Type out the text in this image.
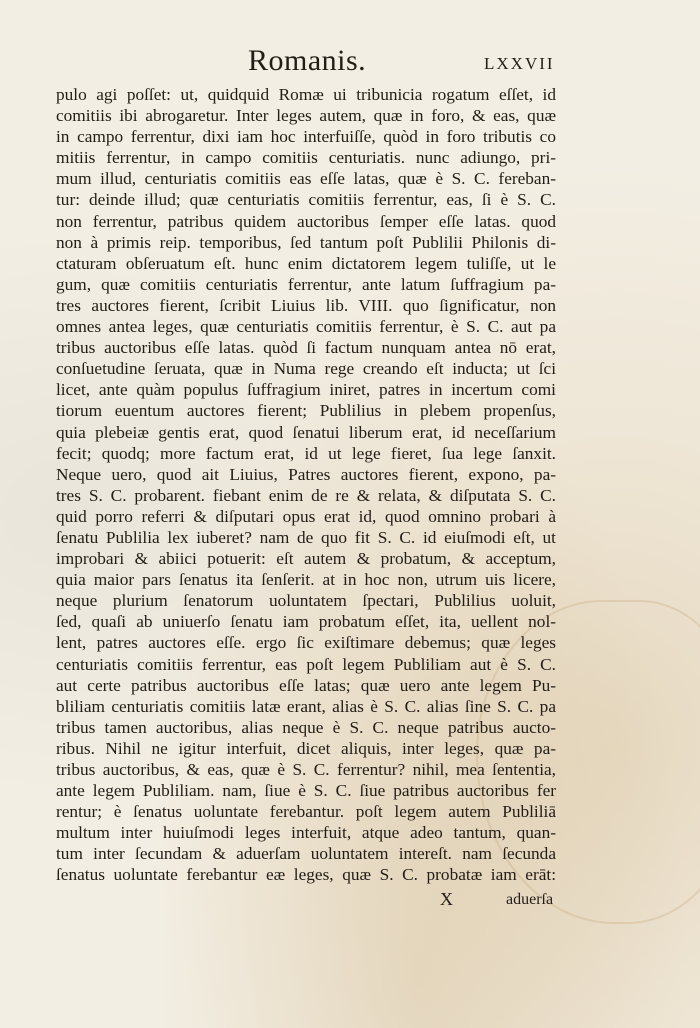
Romanis.	LXXVII
pulo agi poſſet: ut, quidquid Romæ ui tribunicia rogatum eſſet, id
comitiis ibi abrogaretur. Inter leges autem, quæ in foro, & eas, quæ
in campo ferrentur, dixi iam hoc interfuiſſe, quòd in foro tributis co
mitiis ferrentur, in campo comitiis centuriatis. nunc adiungo, pri-
mum illud, centuriatis comitiis eas eſſe latas, quæ è S. C. fereban-
tur: deinde illud; quæ centuriatis comitiis ferrentur, eas, ſi è S. C.
non ferrentur, patribus quidem auctoribus ſemper eſſe latas. quod
non à primis reip. temporibus, ſed tantum poſt Publilii Philonis di-
ctaturam obſeruatum eſt. hunc enim dictatorem legem tuliſſe, ut le
gum, quæ comitiis centuriatis ferrentur, ante latum ſuffragium pa-
tres auctores fierent, ſcribit Liuius lib. VIII. quo ſignificatur, non
omnes antea leges, quæ centuriatis comitiis ferrentur, è S. C. aut pa
tribus auctoribus eſſe latas. quòd ſi factum nunquam antea nō erat,
conſuetudine ſeruata, quæ in Numa rege creando eſt inducta; ut ſci
licet, ante quàm populus ſuffragium iniret, patres in incertum comi
tiorum euentum auctores fierent; Publilius in plebem propenſus,
quia plebeiæ gentis erat, quod ſenatui liberum erat, id neceſſarium
fecit; quodq; more factum erat, id ut lege fieret, ſua lege ſanxit.
Neque uero, quod ait Liuius, Patres auctores fierent, expono, pa-
tres S. C. probarent. fiebant enim de re & relata, & diſputata S. C.
quid porro referri & diſputari opus erat id, quod omnino probari à
ſenatu Publilia lex iuberet? nam de quo fit S. C. id eiuſmodi eſt, ut
improbari & abiici potuerit: eſt autem & probatum, & acceptum,
quia maior pars ſenatus ita ſenſerit. at in hoc non, utrum uis licere,
neque plurium ſenatorum uoluntatem ſpectari, Publilius uoluit,
ſed, quaſi ab uniuerſo ſenatu iam probatum eſſet, ita, uellent nol-
lent, patres auctores eſſe. ergo ſic exiſtimare debemus; quæ leges
centuriatis comitiis ferrentur, eas poſt legem Publiliam aut è S. C.
aut certe patribus auctoribus eſſe latas; quæ uero ante legem Pu-
bliliam centuriatis comitiis latæ erant, alias è S. C. alias ſine S. C. pa
tribus tamen auctoribus, alias neque è S. C. neque patribus aucto-
ribus. Nihil ne igitur interfuit, dicet aliquis, inter leges, quæ pa-
tribus auctoribus, & eas, quæ è S. C. ferrentur? nihil, mea ſententia,
ante legem Publiliam. nam, ſiue è S. C. ſiue patribus auctoribus fer
rentur; è ſenatus uoluntate ferebantur. poſt legem autem Publiliā
multum inter huiuſmodi leges interfuit, atque adeo tantum, quan-
tum inter ſecundam & aduerſam uoluntatem intereſt. nam ſecunda
ſenatus uoluntate ferebantur eæ leges, quæ S. C. probatæ iam erāt:
X	aduerſa
